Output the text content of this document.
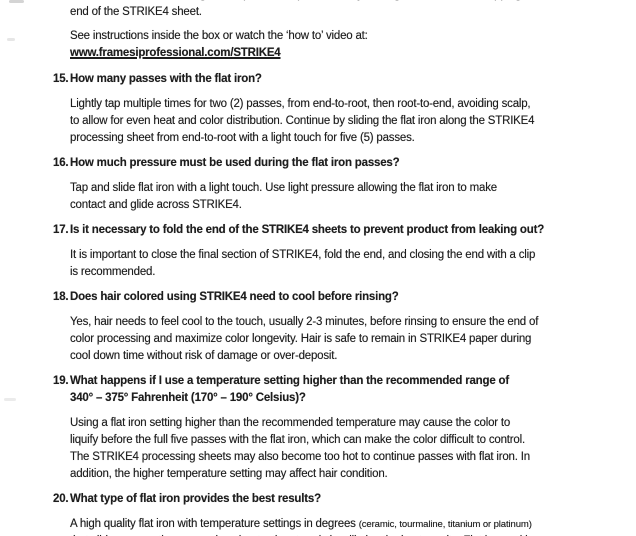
end of the STRIKE4 sheet.
See instructions inside the box or watch the ‘how to’ video at:
www.framesiprofessional.com/STRIKE4
15. How many passes with the flat iron?
Lightly tap multiple times for two (2) passes, from end-to-root, then root-to-end, avoiding scalp,
to allow for even heat and color distribution. Continue by sliding the flat iron along the STRIKE4
processing sheet from end-to-root with a light touch for five (5) passes.
16. How much pressure must be used during the flat iron passes?
Tap and slide flat iron with a light touch. Use light pressure allowing the flat iron to make
contact and glide across STRIKE4.
17. Is it necessary to fold the end of the STRIKE4 sheets to prevent product from leaking out?
It is important to close the final section of STRIKE4, fold the end, and closing the end with a clip
is recommended.
18. Does hair colored using STRIKE4 need to cool before rinsing?
Yes, hair needs to feel cool to the touch, usually 2-3 minutes, before rinsing to ensure the end of
color processing and maximize color longevity. Hair is safe to remain in STRIKE4 paper during
cool down time without risk of damage or over-deposit.
19. What happens if I use a temperature setting higher than the recommended range of
340° – 375° Fahrenheit (170° – 190° Celsius)?
Using a flat iron setting higher than the recommended temperature may cause the color to
liquify before the full five passes with the flat iron, which can make the color difficult to control.
The STRIKE4 processing sheets may also become too hot to continue passes with flat iron. In
addition, the higher temperature setting may affect hair condition.
20. What type of flat iron provides the best results?
A high quality flat iron with temperature settings in degrees (ceramic, tourmaline, titanium or platinum)
